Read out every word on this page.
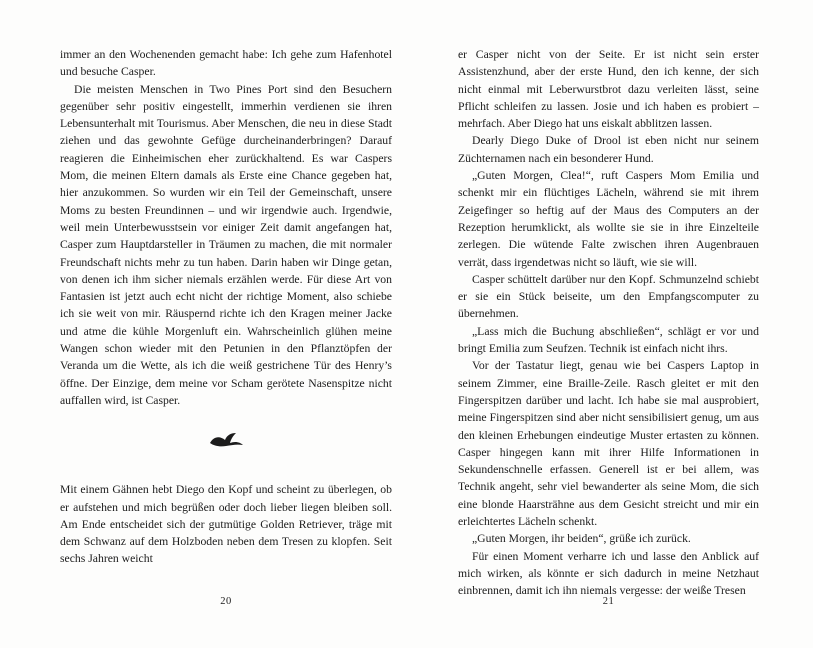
immer an den Wochenenden gemacht habe: Ich gehe zum Hafenhotel und besuche Casper.

Die meisten Menschen in Two Pines Port sind den Besuchern gegenüber sehr positiv eingestellt, immerhin verdienen sie ihren Lebensunterhalt mit Tourismus. Aber Menschen, die neu in diese Stadt ziehen und das gewohnte Gefüge durcheinanderbringen? Darauf reagieren die Einheimischen eher zurückhaltend. Es war Caspers Mom, die meinen Eltern damals als Erste eine Chance gegeben hat, hier anzukommen. So wurden wir ein Teil der Gemeinschaft, unsere Moms zu besten Freundinnen – und wir irgendwie auch. Irgendwie, weil mein Unterbewusstsein vor einiger Zeit damit angefangen hat, Casper zum Hauptdarsteller in Träumen zu machen, die mit normaler Freundschaft nichts mehr zu tun haben. Darin haben wir Dinge getan, von denen ich ihm sicher niemals erzählen werde. Für diese Art von Fantasien ist jetzt auch echt nicht der richtige Moment, also schiebe ich sie weit von mir. Räuspernd richte ich den Kragen meiner Jacke und atme die kühle Morgenluft ein. Wahrscheinlich glühen meine Wangen schon wieder mit den Petunien in den Pflanztöpfen der Veranda um die Wette, als ich die weiß gestrichene Tür des Henry’s öffne. Der Einzige, dem meine vor Scham gerötete Nasenspitze nicht auffallen wird, ist Casper.

Mit einem Gähnen hebt Diego den Kopf und scheint zu überlegen, ob er aufstehen und mich begrüßen oder doch lieber liegen bleiben soll. Am Ende entscheidet sich der gutmütige Golden Retriever, träge mit dem Schwanz auf dem Holzboden neben dem Tresen zu klopfen. Seit sechs Jahren weicht

20

er Casper nicht von der Seite. Er ist nicht sein erster Assistenzhund, aber der erste Hund, den ich kenne, der sich nicht einmal mit Leberwurstbrot dazu verleiten lässt, seine Pflicht schleifen zu lassen. Josie und ich haben es probiert – mehrfach. Aber Diego hat uns eiskalt abblitzen lassen.

Dearly Diego Duke of Drool ist eben nicht nur seinem Züchternamen nach ein besonderer Hund.

„Guten Morgen, Clea!“, ruft Caspers Mom Emilia und schenkt mir ein flüchtiges Lächeln, während sie mit ihrem Zeigefinger so heftig auf der Maus des Computers an der Rezeption herumklickt, als wollte sie sie in ihre Einzelteile zerlegen. Die wütende Falte zwischen ihren Augenbrauen verrät, dass irgendetwas nicht so läuft, wie sie will.

Casper schüttelt darüber nur den Kopf. Schmunzelnd schiebt er sie ein Stück beiseite, um den Empfangscomputer zu übernehmen.

„Lass mich die Buchung abschließen“, schlägt er vor und bringt Emilia zum Seufzen. Technik ist einfach nicht ihrs.

Vor der Tastatur liegt, genau wie bei Caspers Laptop in seinem Zimmer, eine Braille-Zeile. Rasch gleitet er mit den Fingerspitzen darüber und lacht. Ich habe sie mal ausprobiert, meine Fingerspitzen sind aber nicht sensibilisiert genug, um aus den kleinen Erhebungen eindeutige Muster ertasten zu können. Casper hingegen kann mit ihrer Hilfe Informationen in Sekundenschnelle erfassen. Generell ist er bei allem, was Technik angeht, sehr viel bewanderter als seine Mom, die sich eine blonde Haarsträhne aus dem Gesicht streicht und mir ein erleichtertes Lächeln schenkt.

„Guten Morgen, ihr beiden“, grüße ich zurück.

Für einen Moment verharre ich und lasse den Anblick auf mich wirken, als könnte er sich dadurch in meine Netzhaut einbrennen, damit ich ihn niemals vergesse: der weiße Tresen

21
